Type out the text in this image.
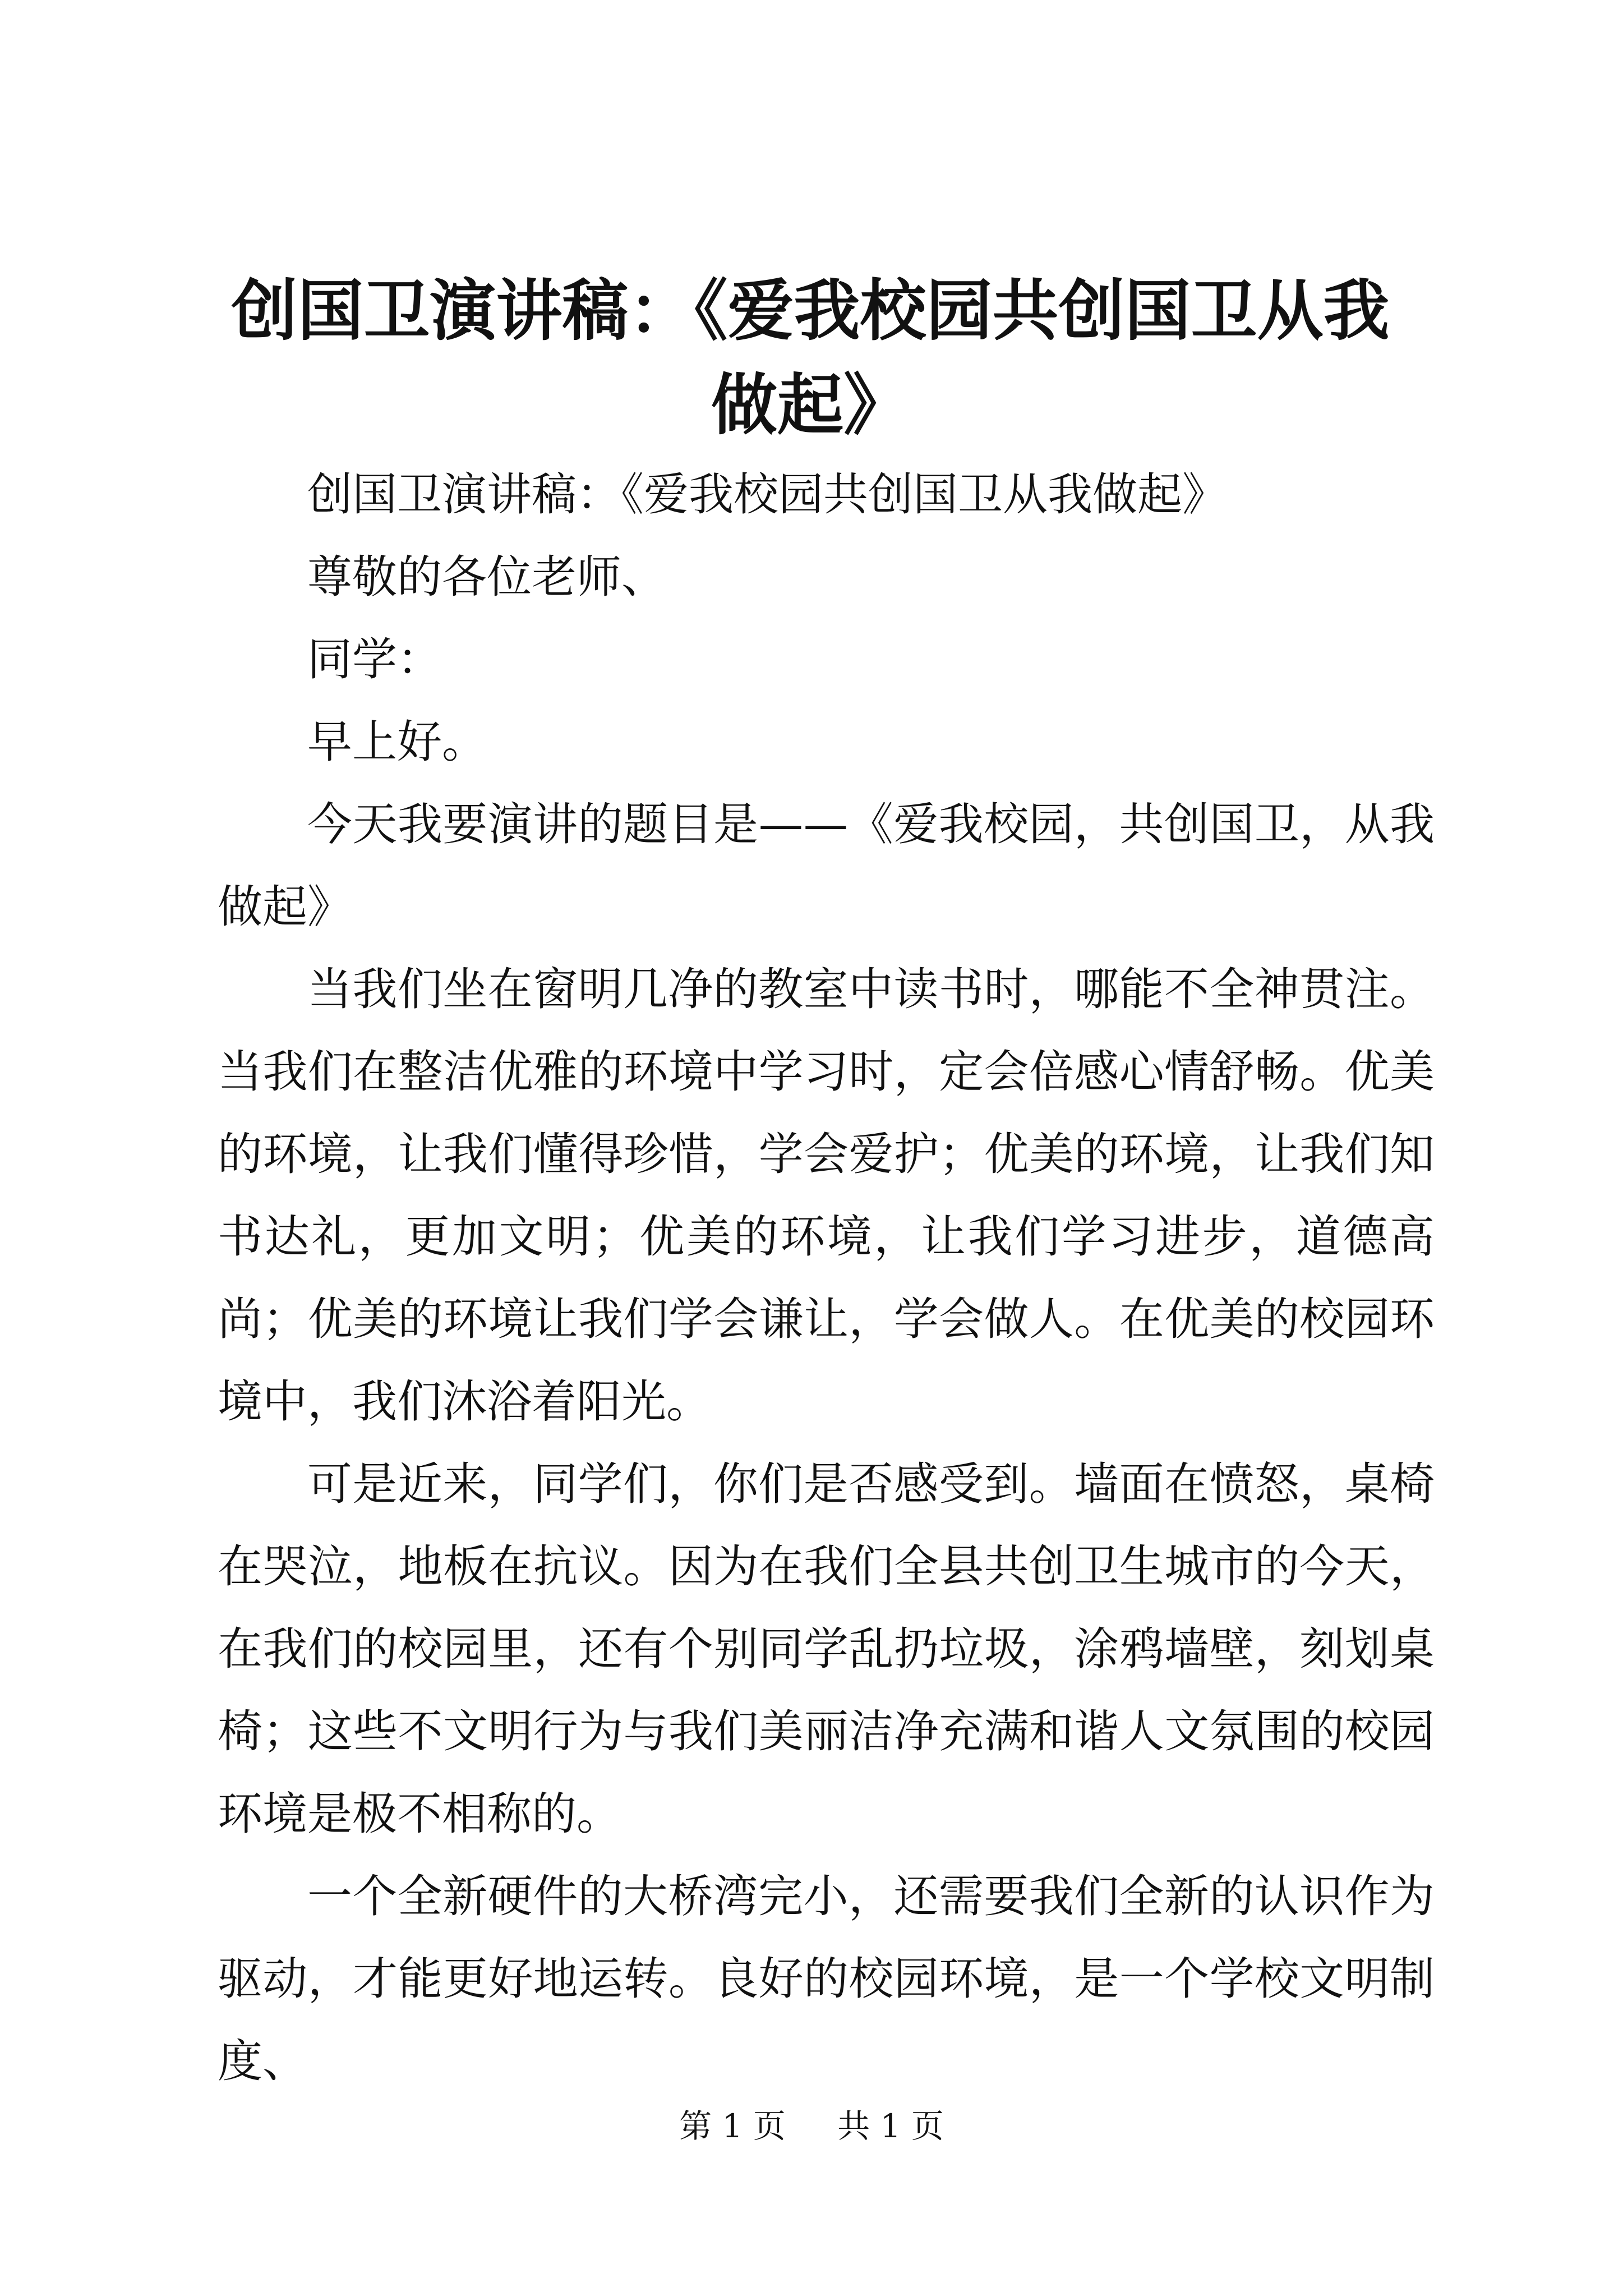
创国卫演讲稿：《爱我校园共创国卫从我做起》

创国卫演讲稿：《爱我校园共创国卫从我做起》

尊敬的各位老师、

同学：

早上好。

今天我要演讲的题目是——《爱我校园，共创国卫，从我做起》

当我们坐在窗明几净的教室中读书时，哪能不全神贯注。当我们在整洁优雅的环境中学习时，定会倍感心情舒畅。优美的环境，让我们懂得珍惜，学会爱护；优美的环境，让我们知书达礼，更加文明；优美的环境，让我们学习进步，道德高尚；优美的环境让我们学会谦让，学会做人。在优美的校园环境中，我们沐浴着阳光。

可是近来，同学们，你们是否感受到。墙面在愤怒，桌椅在哭泣，地板在抗议。因为在我们全县共创卫生城市的今天，在我们的校园里，还有个别同学乱扔垃圾，涂鸦墙壁，刻划桌椅；这些不文明行为与我们美丽洁净充满和谐人文氛围的校园环境是极不相称的。

一个全新硬件的大桥湾完小，还需要我们全新的认识作为驱动，才能更好地运转。良好的校园环境，是一个学校文明制度、

第 1 页 共 1 页
